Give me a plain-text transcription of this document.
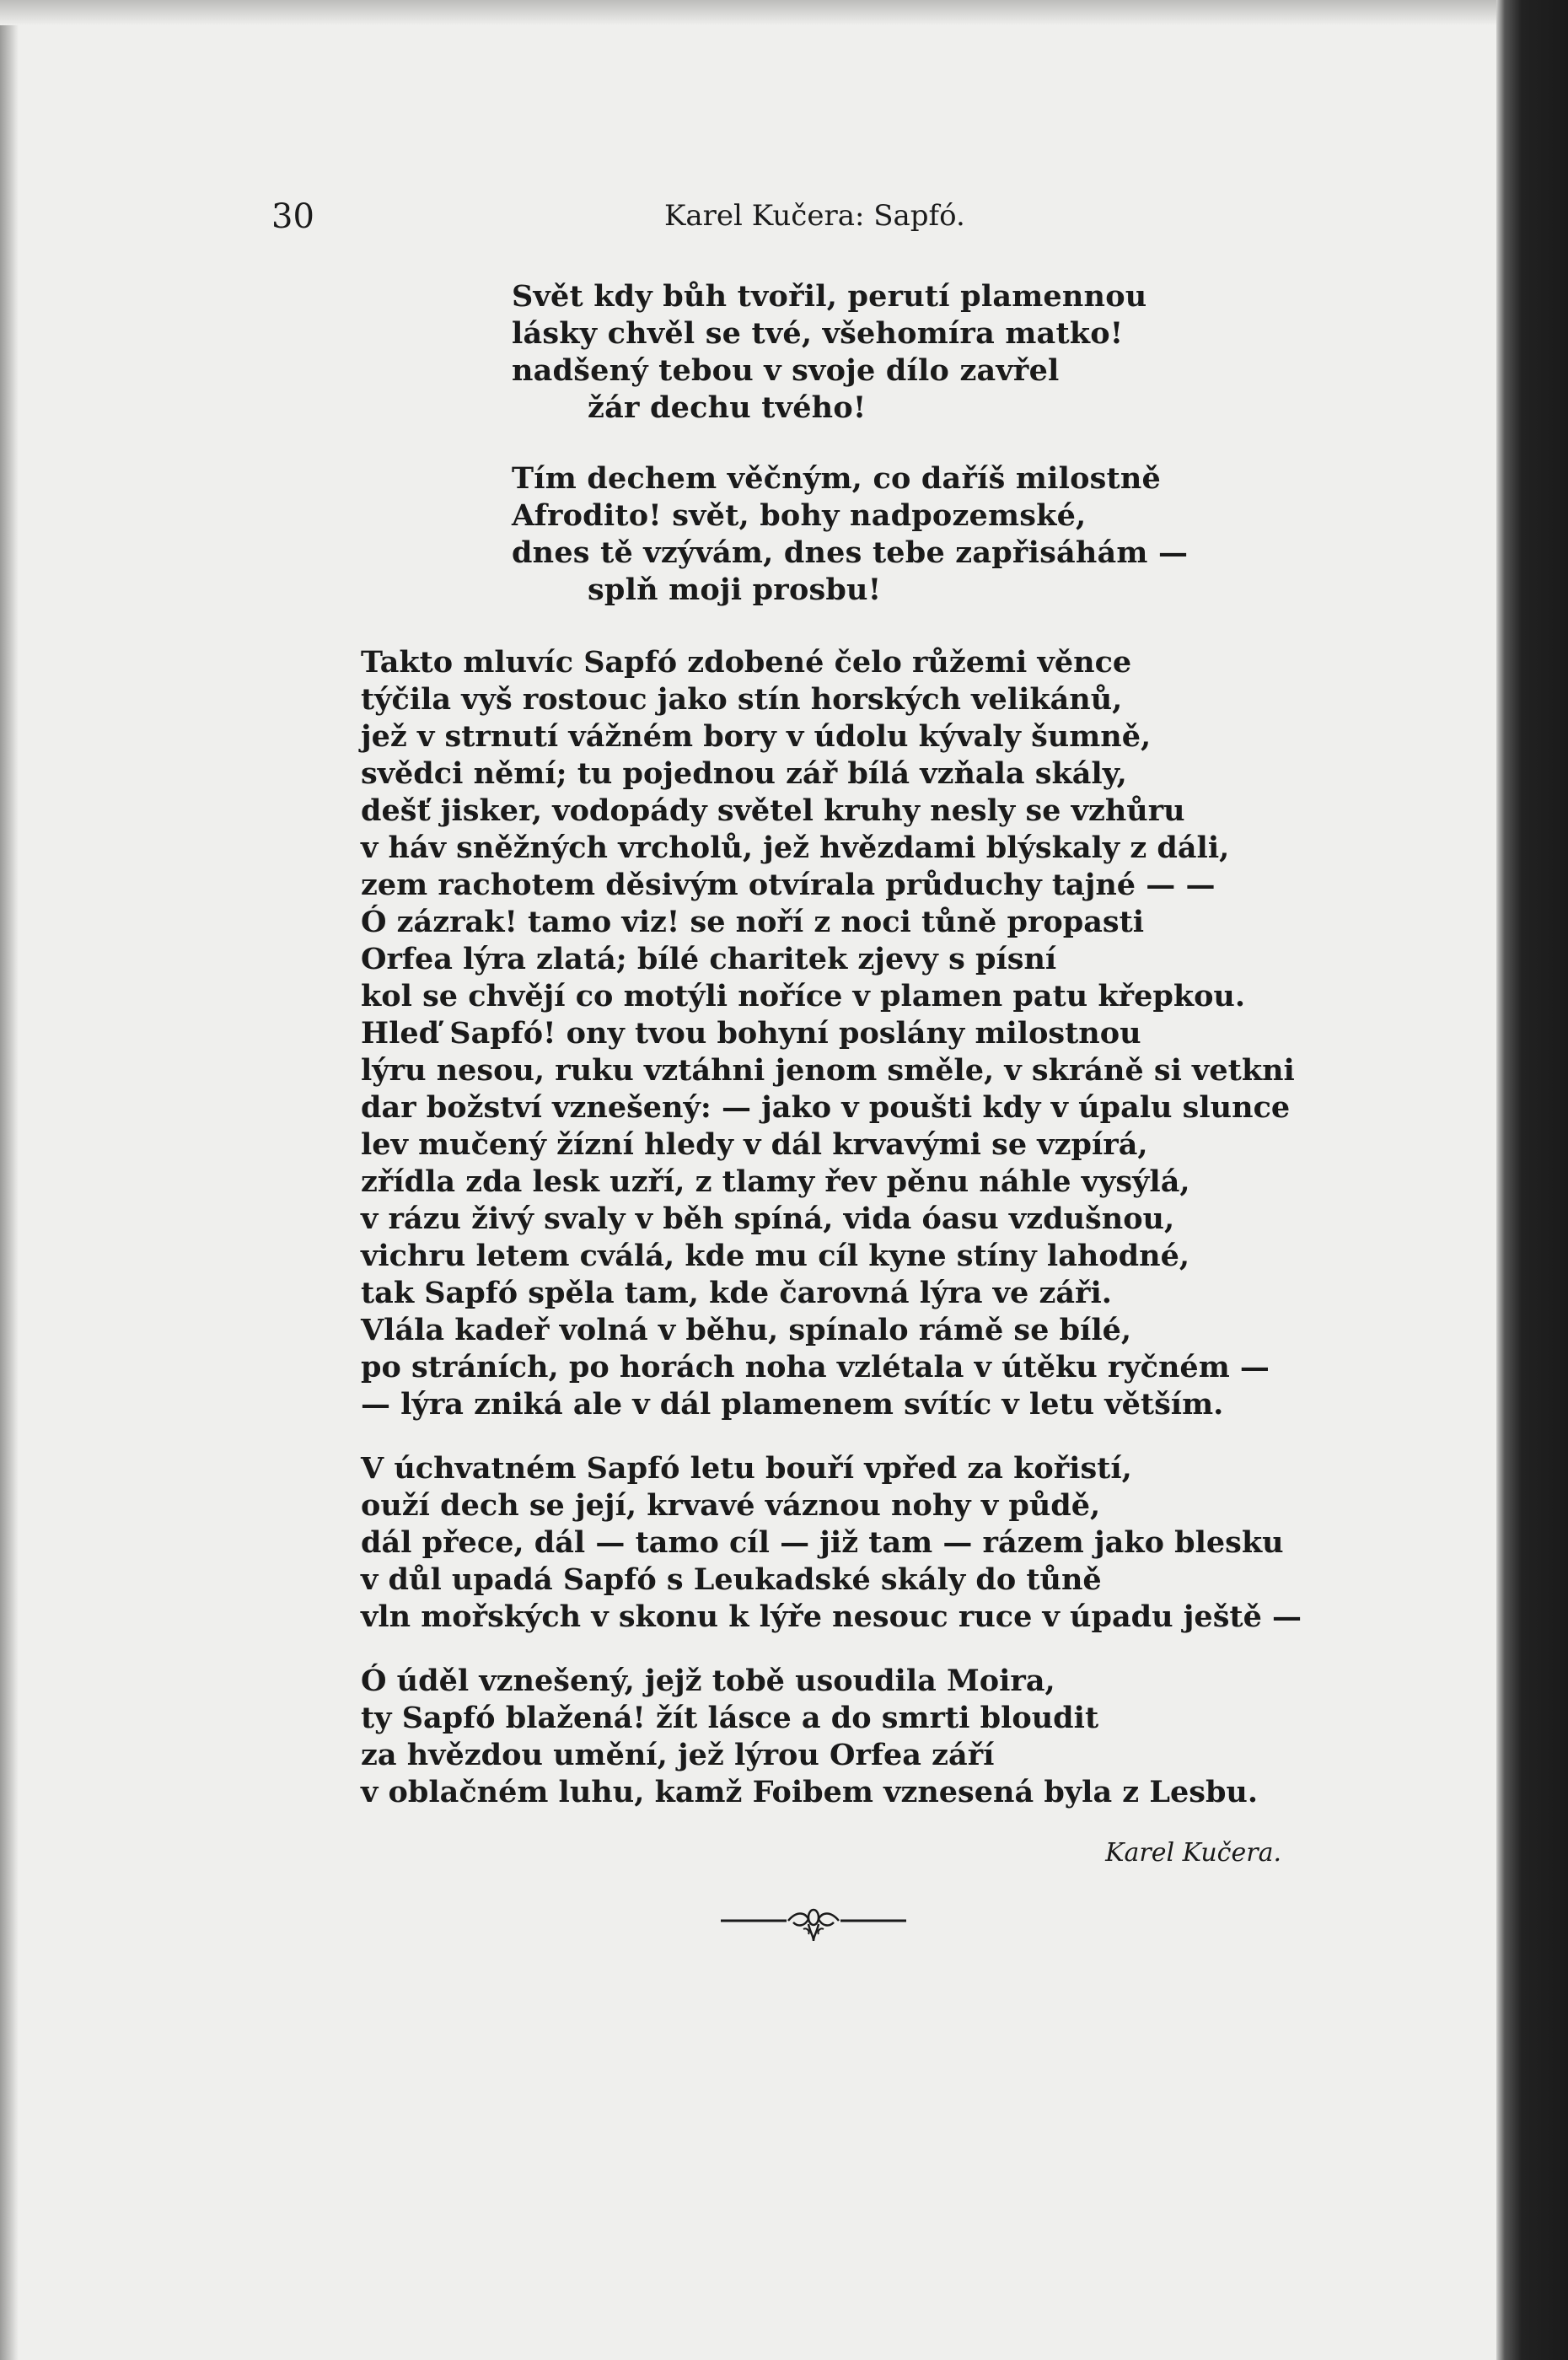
30	Karel Kučera: Sapfó.
Svět kdy bůh tvořil, perutí plamennou
lásky chvěl se tvé, všehomíra matko!
nadšený tebou v svoje dílo zavřel
žár dechu tvého!
Tím dechem věčným, co daříš milostně
Afrodito! svět, bohy nadpozemské,
dnes tě vzývám, dnes tebe zapřisáhám —
splň moji prosbu!
Takto mluvíc Sapfó zdobené čelo růžemi věnce
týčila vyš rostouc jako stín horských velikánů,
jež v strnutí vážném bory v údolu kývaly šumně,
svědci němí; tu pojednou zář bílá vzňala skály,
dešť jisker, vodopády světel kruhy nesly se vzhůru
v háv sněžných vrcholů, jež hvězdami blýskaly z dáli,
zem rachotem děsivým otvírala průduchy tajné — —
Ó zázrak! tamo viz! se noří z noci tůně propasti
Orfea lýra zlatá; bílé charitek zjevy s písní
kol se chvějí co motýli noříce v plamen patu křepkou.
Hleď Sapfó! ony tvou bohyní poslány milostnou
lýru nesou, ruku vztáhni jenom směle, v skráně si vetkni
dar božství vznešený: — jako v poušti kdy v úpalu slunce
lev mučený žízní hledy v dál krvavými se vzpírá,
zřídla zda lesk uzří, z tlamy řev pěnu náhle vysýlá,
v rázu živý svaly v běh spíná, vida óasu vzdušnou,
vichru letem cválá, kde mu cíl kyne stíny lahodné,
tak Sapfó spěla tam, kde čarovná lýra ve záři.
Vlála kadeř volná v běhu, spínalo rámě se bílé,
po stráních, po horách noha vzlétala v útěku ryčném —
— lýra zniká ale v dál plamenem svítíc v letu větším.
V úchvatném Sapfó letu bouří vpřed za kořistí,
ouží dech se její, krvavé váznou nohy v půdě,
dál přece, dál — tamo cíl — již tam — rázem jako blesku
v důl upadá Sapfó s Leukadské skály do tůně
vln mořských v skonu k lýře nesouc ruce v úpadu ještě —
Ó úděl vznešený, jejž tobě usoudila Moira,
ty Sapfó blažená! žít lásce a do smrti bloudit
za hvězdou umění, jež lýrou Orfea září
v oblačném luhu, kamž Foibem vznesená byla z Lesbu.
Karel Kučera.
